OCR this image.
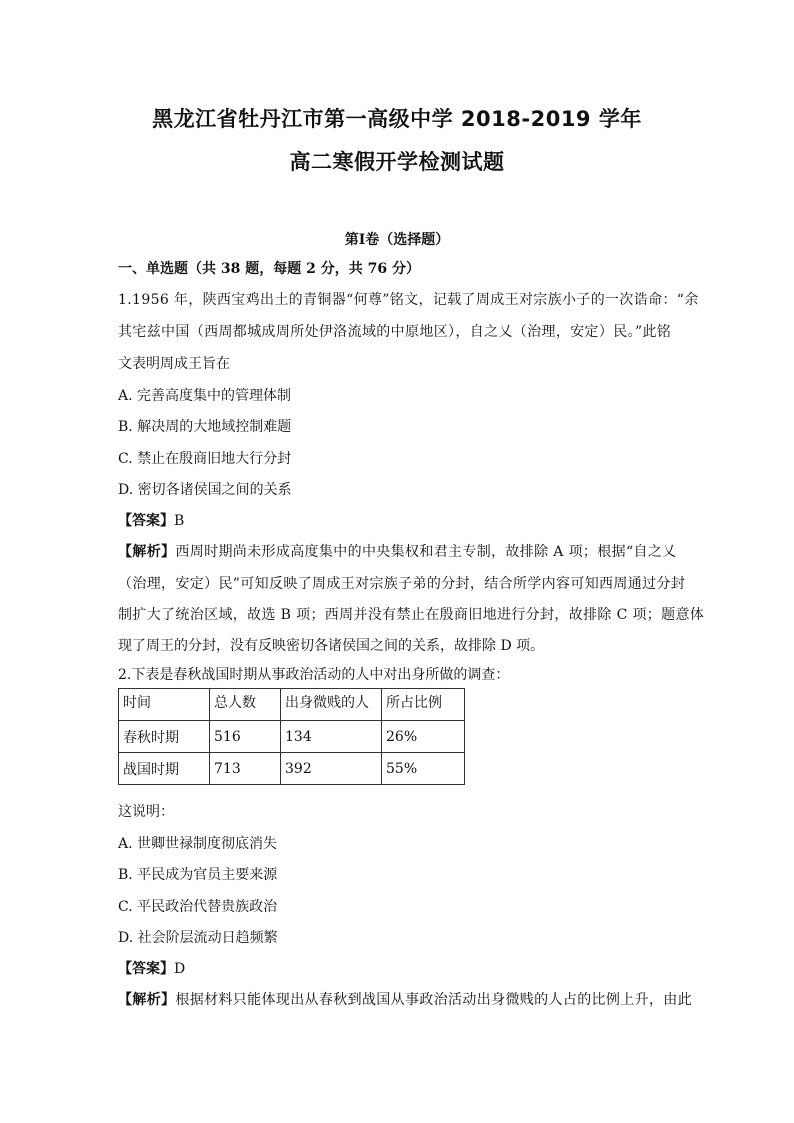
黑龙江省牡丹江市第一高级中学 2018-2019 学年
高二寒假开学检测试题
第Ⅰ卷（选择题）
一、单选题（共 38 题，每题 2 分，共 76 分）
1.1956 年，陕西宝鸡出土的青铜器“何尊”铭文，记载了周成王对宗族小子的一次诰命：“余
其宅兹中国（西周都城成周所处伊洛流域的中原地区），自之乂（治理，安定）民。”此铭
文表明周成王旨在
A. 完善高度集中的管理体制
B. 解决周的大地域控制难题
C. 禁止在殷商旧地大行分封
D. 密切各诸侯国之间的关系
【答案】B
【解析】西周时期尚未形成高度集中的中央集权和君主专制，故排除 A 项；根据“自之乂
（治理，安定）民”可知反映了周成王对宗族子弟的分封，结合所学内容可知西周通过分封
制扩大了统治区域，故选 B 项；西周并没有禁止在殷商旧地进行分封，故排除 C 项；题意体
现了周王的分封，没有反映密切各诸侯国之间的关系，故排除 D 项。
2.下表是春秋战国时期从事政治活动的人中对出身所做的调查：
时间	总人数	出身微贱的人	所占比例
春秋时期	516	134	26%
战国时期	713	392	55%
这说明：
A. 世卿世禄制度彻底消失
B. 平民成为官员主要来源
C. 平民政治代替贵族政治
D. 社会阶层流动日趋频繁
【答案】D
【解析】根据材料只能体现出从春秋到战国从事政治活动出身微贱的人占的比例上升，由此
